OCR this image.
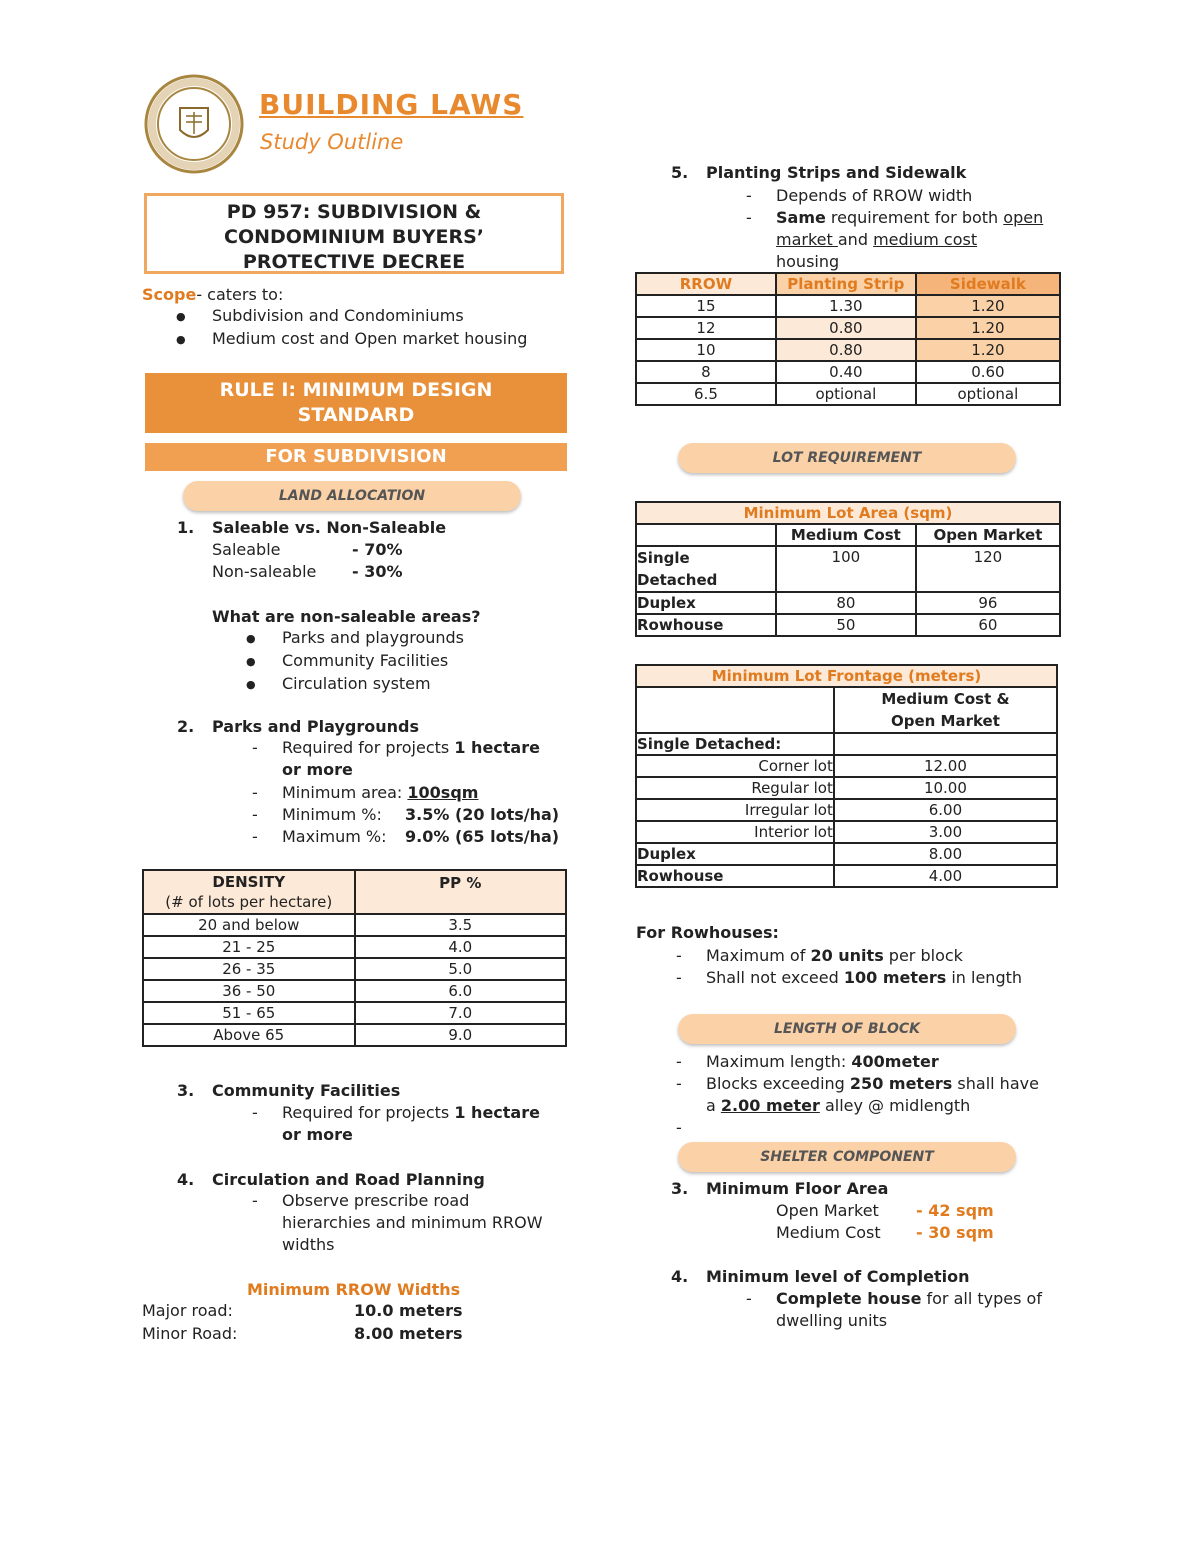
BUILDING LAWS
Study Outline
PD 957: SUBDIVISION &
CONDOMINIUM BUYERS’
PROTECTIVE DECREE
Scope- caters to:
● Subdivision and Condominiums
● Medium cost and Open market housing
RULE I: MINIMUM DESIGN
STANDARD
FOR SUBDIVISION
LAND ALLOCATION
1. Saleable vs. Non-Saleable
Saleable	- 70%
Non-saleable - 30%
What are non-saleable areas?
● Parks and playgrounds
● Community Facilities
● Circulation system
2. Parks and Playgrounds
- Required for projects 1 hectare
or more
- Minimum area: 100sqm
- Minimum %: 3.5% (20 lots/ha)
- Maximum %: 9.0% (65 lots/ha)
DENSITY
(# of lots per hectare)	PP %
20 and below	3.5
21 - 25	4.0
26 - 35	5.0
36 - 50	6.0
51 - 65	7.0
Above 65	9.0
3. Community Facilities
- Required for projects 1 hectare
or more
4. Circulation and Road Planning
- Observe prescribe road
hierarchies and minimum RROW
widths
Minimum RROW Widths
Major road:	10.0 meters
Minor Road:	8.00 meters
5. Planting Strips and Sidewalk
- Depends of RROW width
- Same requirement for both open
market and medium cost
housing
RROW	Planting Strip	Sidewalk
15	1.30	1.20
12	0.80	1.20
10	0.80	1.20
8	0.40	0.60
6.5	optional	optional
LOT REQUIREMENT
Minimum Lot Area (sqm)		
	Medium Cost	Open Market
Single Detached	100	120
Duplex	80	96
Rowhouse	50	60
Minimum Lot Frontage (meters)	
	Medium Cost & Open Market
Single Detached:	
Corner lot	12.00
Regular lot	10.00
Irregular lot	6.00
Interior lot	3.00
Duplex	8.00
Rowhouse	4.00
For Rowhouses:
- Maximum of 20 units per block
- Shall not exceed 100 meters in length
LENGTH OF BLOCK
- Maximum length: 400meter
- Blocks exceeding 250 meters shall have
a 2.00 meter alley @ midlength
-
SHELTER COMPONENT
3. Minimum Floor Area
Open Market - 42 sqm
Medium Cost - 30 sqm
4. Minimum level of Completion
- Complete house for all types of
dwelling units
